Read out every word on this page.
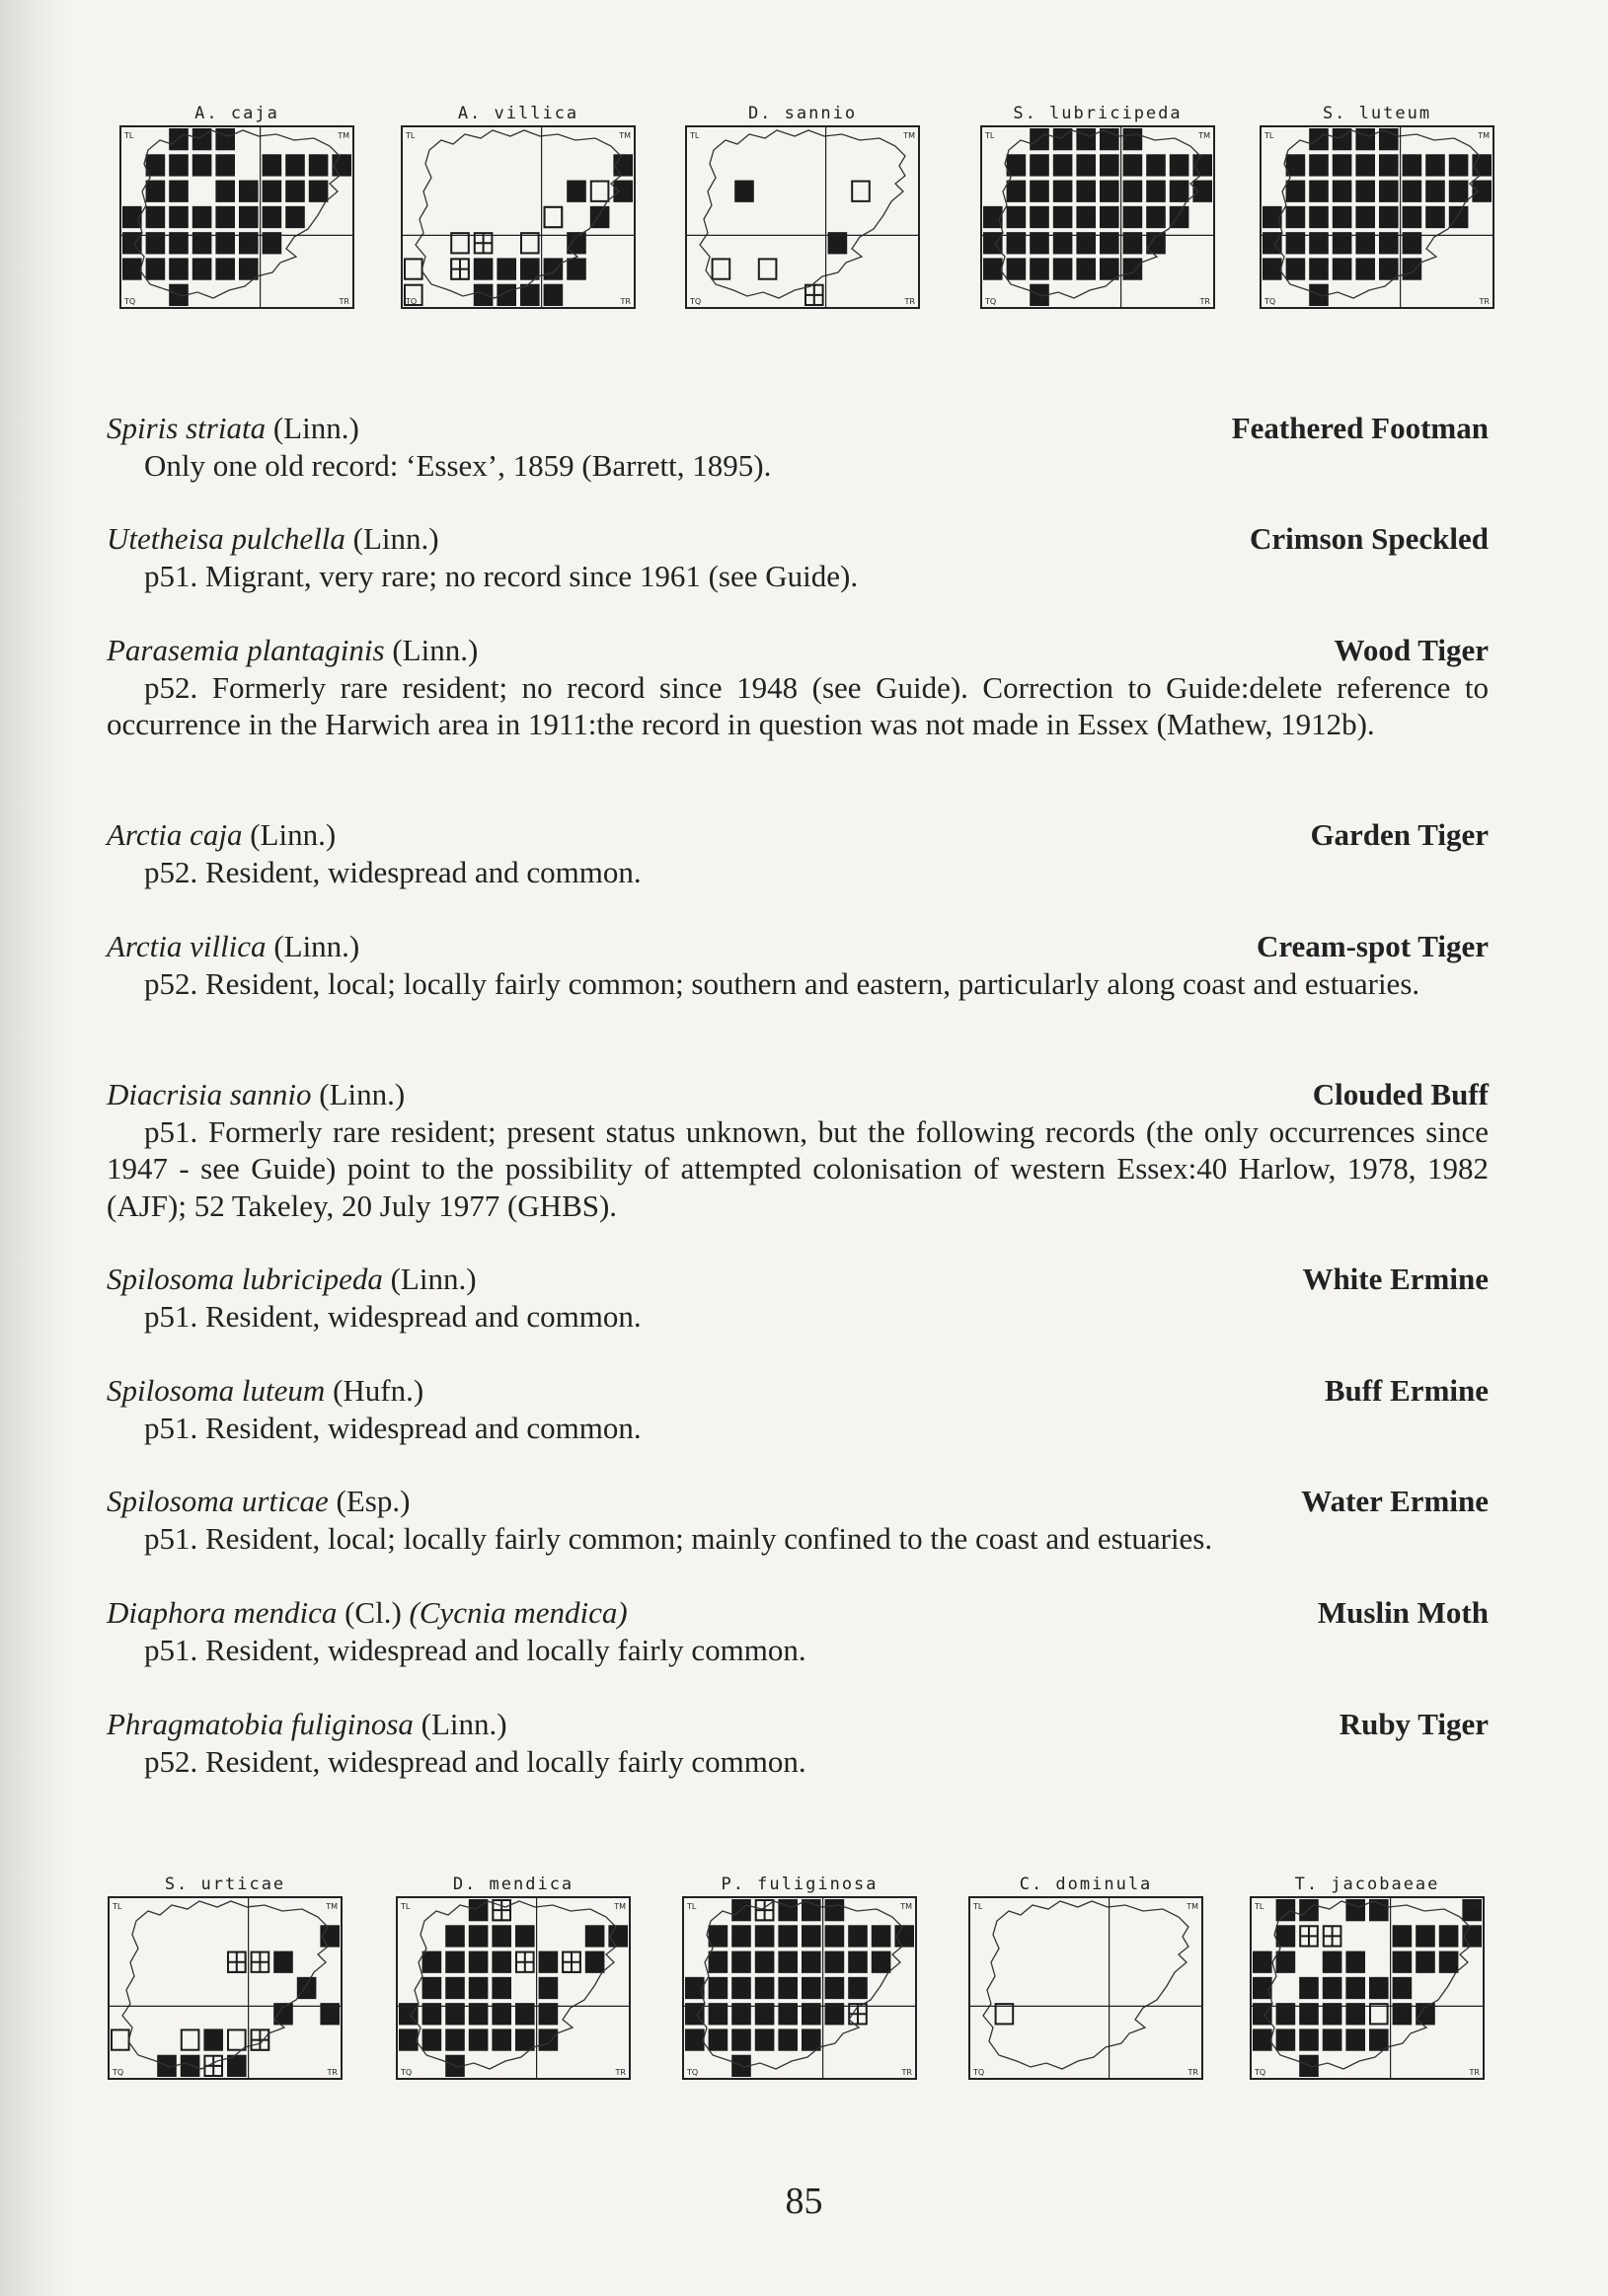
A. caja
TL	TM
TQ	TR
A. villica
TL	TM
TQ	TR
D. sannio
TL	TM
TQ	TR
S. lubricipeda
TL	TM
TQ	TR
S. luteum
TL	TM
TQ	TR
Spiris striata (Linn.)	Feathered Footman
Only one old record: ‘Essex’, 1859 (Barrett, 1895).
Utetheisa pulchella (Linn.)	Crimson Speckled
p51. Migrant, very rare; no record since 1961 (see Guide).
Parasemia plantaginis (Linn.)	Wood Tiger
p52. Formerly rare resident; no record since 1948 (see Guide). Correction to Guide:delete reference to occurrence in the Harwich area in 1911:the record in question was not made in Essex (Mathew, 1912b).
Arctia caja (Linn.)	Garden Tiger
p52. Resident, widespread and common.
Arctia villica (Linn.)	Cream-spot Tiger
p52. Resident, local; locally fairly common; southern and eastern, particularly along coast and estuaries.
Diacrisia sannio (Linn.)	Clouded Buff
p51. Formerly rare resident; present status unknown, but the following records (the only occurrences since 1947 - see Guide) point to the possibility of attempted colonisation of western Essex:40 Harlow, 1978, 1982 (AJF); 52 Takeley, 20 July 1977 (GHBS).
Spilosoma lubricipeda (Linn.)	White Ermine
p51. Resident, widespread and common.
Spilosoma luteum (Hufn.)	Buff Ermine
p51. Resident, widespread and common.
Spilosoma urticae (Esp.)	Water Ermine
p51. Resident, local; locally fairly common; mainly confined to the coast and estuaries.
Diaphora mendica (Cl.) (Cycnia mendica)	Muslin Moth
p51. Resident, widespread and locally fairly common.
Phragmatobia fuliginosa (Linn.)	Ruby Tiger
p52. Resident, widespread and locally fairly common.
S. urticae
TL	TM
TQ	TR
D. mendica
TL	TM
TQ	TR
P. fuliginosa
TL	TM
TQ	TR
C. dominula
TL	TM
TQ	TR
T. jacobaeae
TL	TM
TQ	TR
85
